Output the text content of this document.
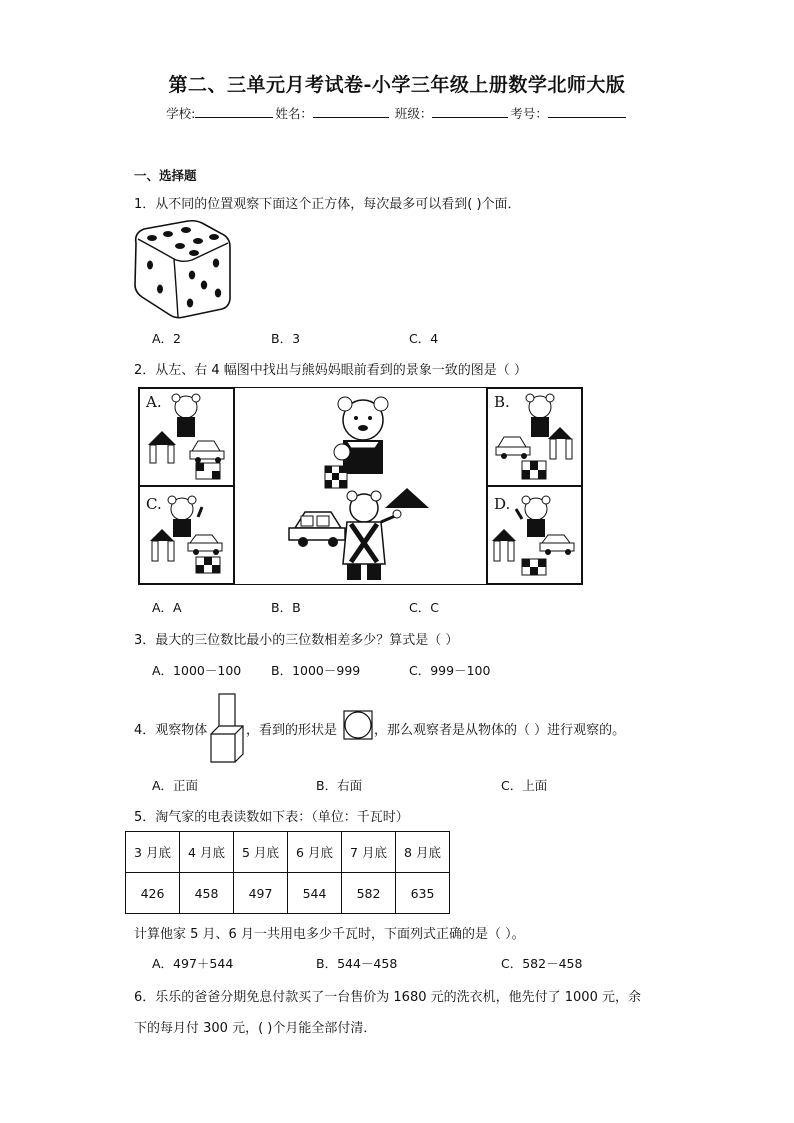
第二、三单元月考试卷-小学三年级上册数学北师大版
学校:	姓名：	班级：	考号：
一、选择题
1．从不同的位置观察下面这个正方体，每次最多可以看到( )个面．
A．2	B．3	C．4
2．从左、右 4 幅图中找出与熊妈妈眼前看到的景象一致的图是（ ）
A.
C.
B.
D.
A．A	B．B	C．C
3．最大的三位数比最小的三位数相差多少？算式是（ ）
A．1000－100 B．1000－999	C．999－100
4．观察物体	，看到的形状是	，那么观察者是从物体的（ ）进行观察的。
A．正面	B．右面	C．上面
5．淘气家的电表读数如下表：（单位：千瓦时）
3 月底	4 月底	5 月底	6 月底	7 月底	8 月底
426	458	497	544	582	635
计算他家 5 月、6 月一共用电多少千瓦时，下面列式正确的是（ ）。
A．497＋544	B．544－458	C．582－458
6．乐乐的爸爸分期免息付款买了一台售价为 1680 元的洗衣机，他先付了 1000 元，余
下的每月付 300 元，( )个月能全部付清．
